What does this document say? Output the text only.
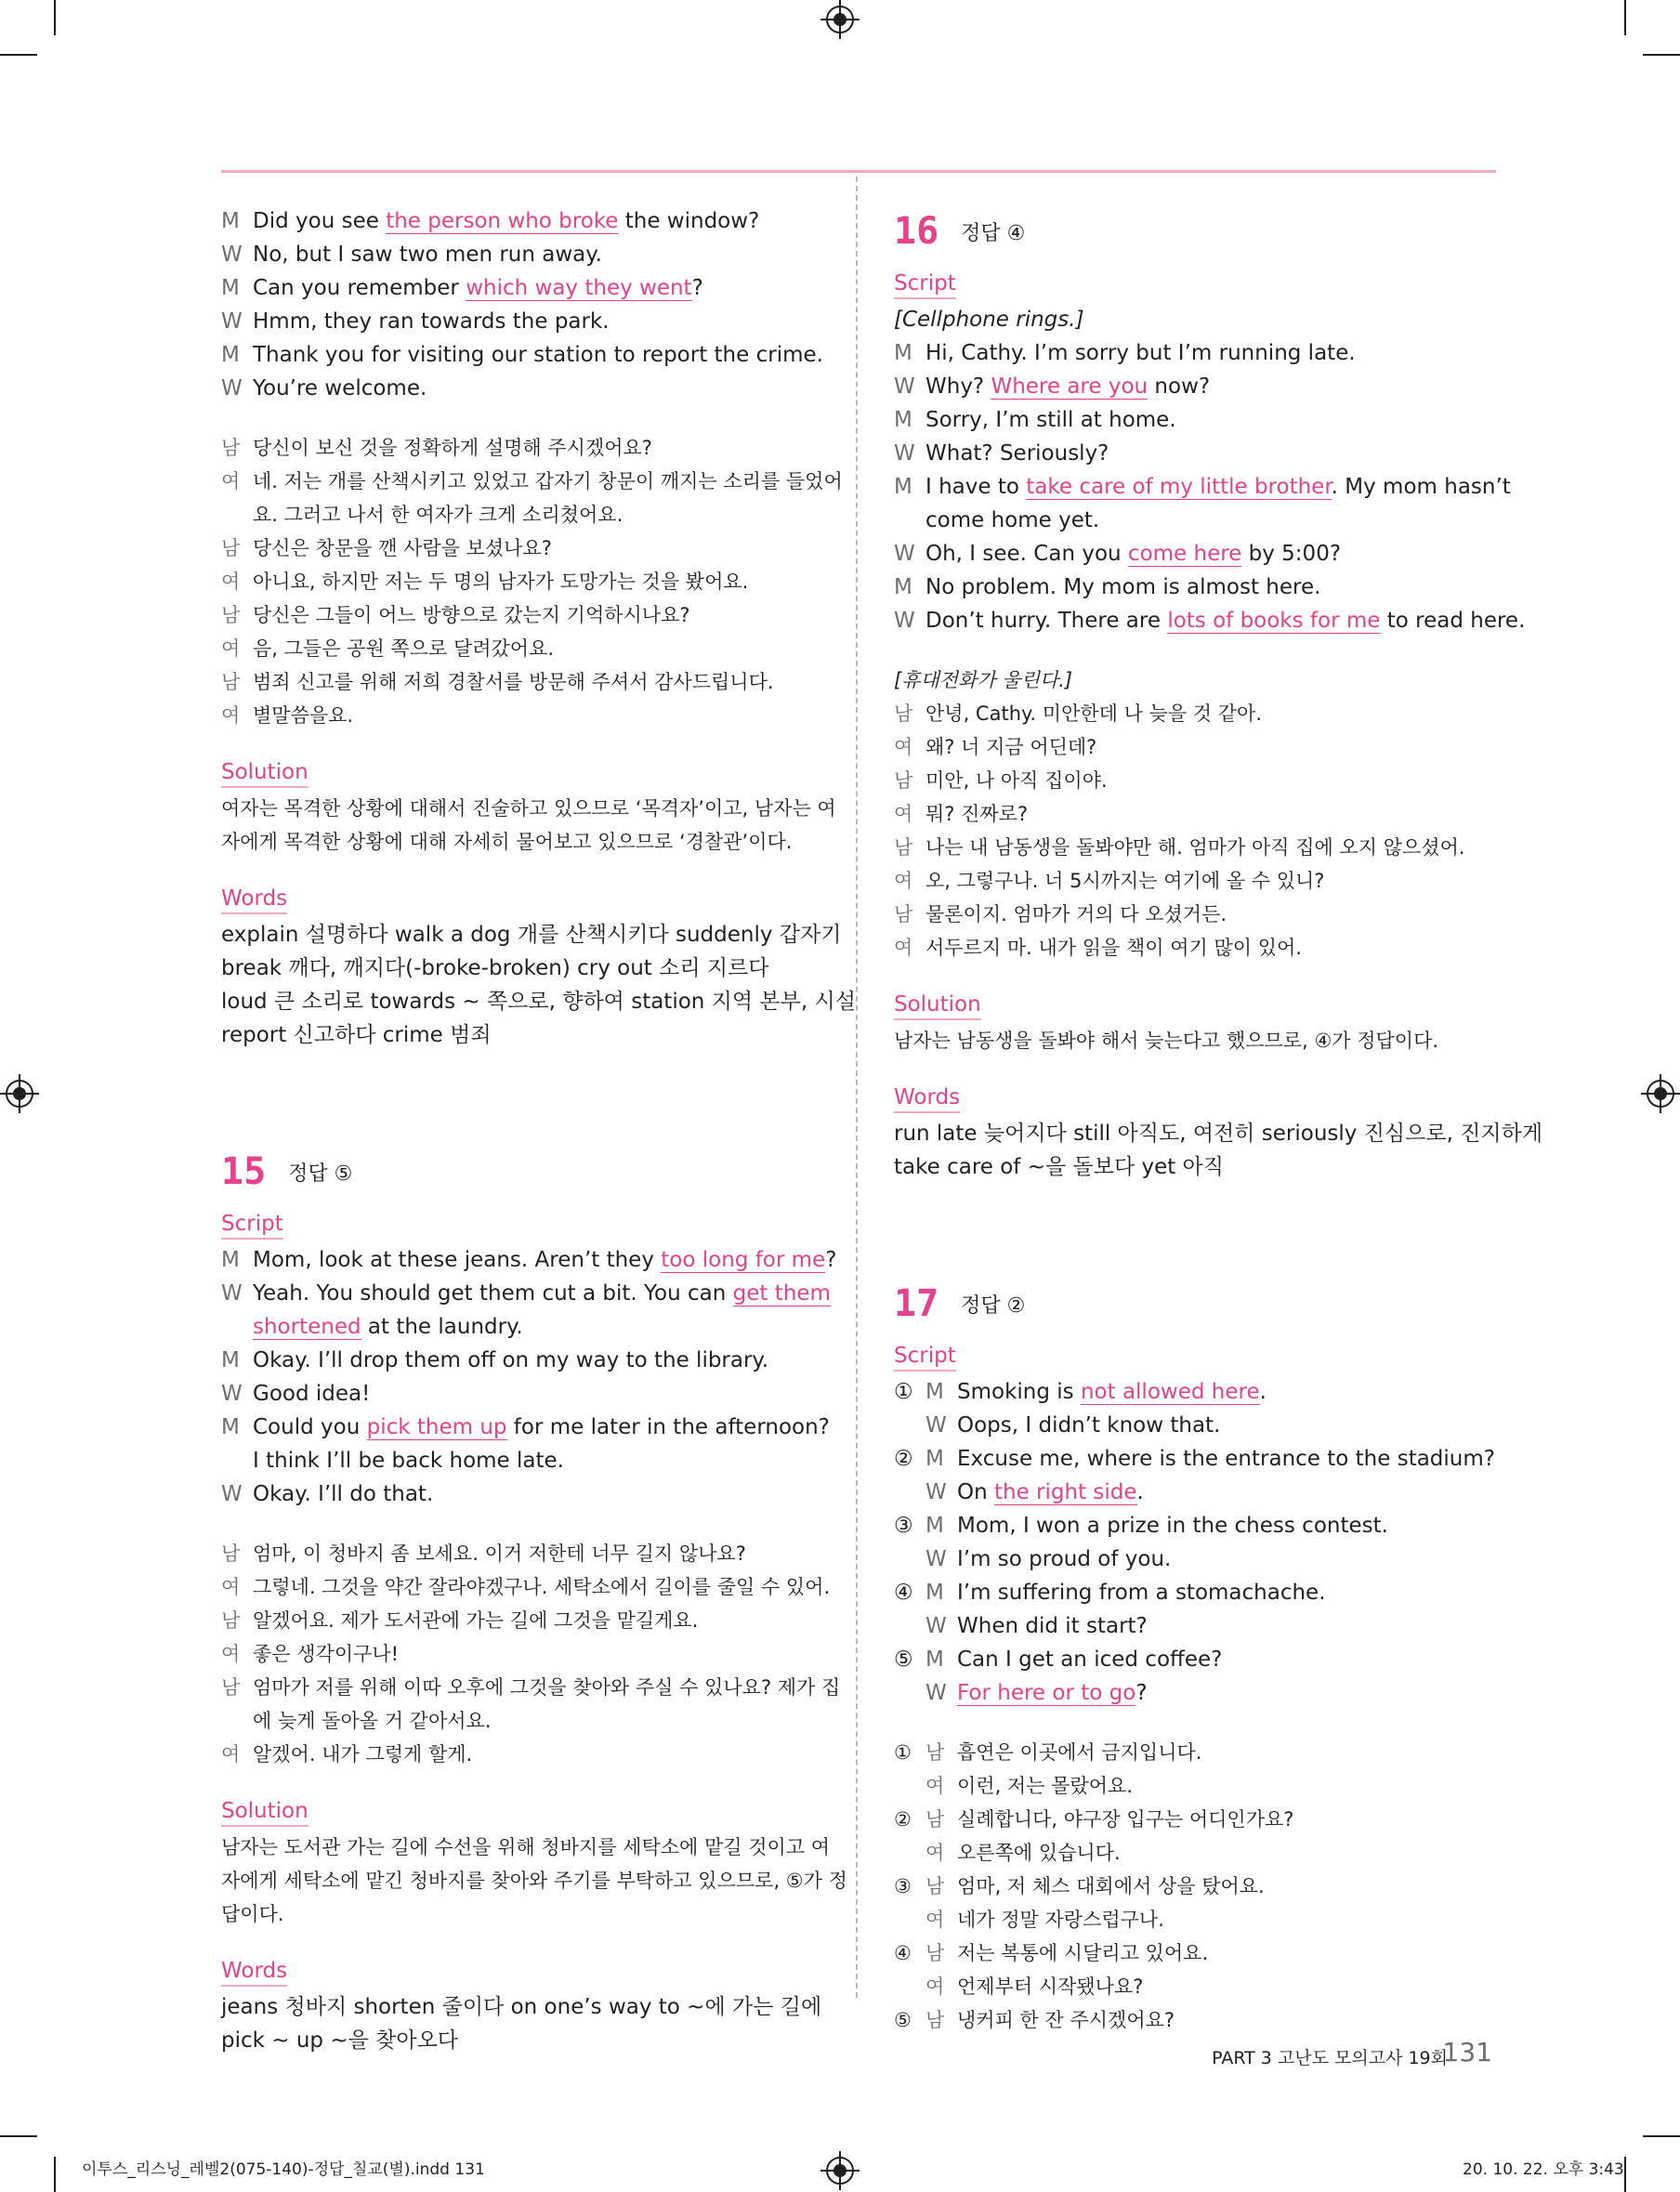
M Did you see the person who broke the window?
W No, but I saw two men run away.
M Can you remember which way they went?
W Hmm, they ran towards the park.
M Thank you for visiting our station to report the crime.
W You’re welcome.
남 당신이 보신 것을 정확하게 설명해 주시겠어요?
여 네. 저는 개를 산책시키고 있었고 갑자기 창문이 깨지는 소리를 들었어
요. 그러고 나서 한 여자가 크게 소리쳤어요.
남 당신은 창문을 깬 사람을 보셨나요?
여 아니요, 하지만 저는 두 명의 남자가 도망가는 것을 봤어요.
남 당신은 그들이 어느 방향으로 갔는지 기억하시나요?
여 음, 그들은 공원 쪽으로 달려갔어요.
남 범죄 신고를 위해 저희 경찰서를 방문해 주셔서 감사드립니다.
여 별말씀을요.
Solution
여자는 목격한 상황에 대해서 진술하고 있으므로 ‘목격자’이고, 남자는 여
자에게 목격한 상황에 대해 자세히 물어보고 있으므로 ‘경찰관’이다.
Words
explain 설명하다 walk a dog 개를 산책시키다 suddenly 갑자기
break 깨다, 깨지다(-broke-broken) cry out 소리 지르다
loud 큰 소리로 towards ~ 쪽으로, 향하여 station 지역 본부, 시설
report 신고하다 crime 범죄
15 정답 ⑤
Script
M Mom, look at these jeans. Aren’t they too long for me?
W Yeah. You should get them cut a bit. You can get them
shortened at the laundry.
M Okay. I’ll drop them off on my way to the library.
W Good idea!
M Could you pick them up for me later in the afternoon?
I think I’ll be back home late.
W Okay. I’ll do that.
남 엄마, 이 청바지 좀 보세요. 이거 저한테 너무 길지 않나요?
여 그렇네. 그것을 약간 잘라야겠구나. 세탁소에서 길이를 줄일 수 있어.
남 알겠어요. 제가 도서관에 가는 길에 그것을 맡길게요.
여 좋은 생각이구나!
남 엄마가 저를 위해 이따 오후에 그것을 찾아와 주실 수 있나요? 제가 집
에 늦게 돌아올 거 같아서요.
여 알겠어. 내가 그렇게 할게.
Solution
남자는 도서관 가는 길에 수선을 위해 청바지를 세탁소에 맡길 것이고 여
자에게 세탁소에 맡긴 청바지를 찾아와 주기를 부탁하고 있으므로, ⑤가 정
답이다.
Words
jeans 청바지 shorten 줄이다 on one’s way to ~에 가는 길에
pick ~ up ~을 찾아오다
16 정답 ④
Script
[Cellphone rings.]
M Hi, Cathy. I’m sorry but I’m running late.
W Why? Where are you now?
M Sorry, I’m still at home.
W What? Seriously?
M I have to take care of my little brother. My mom hasn’t
come home yet.
W Oh, I see. Can you come here by 5:00?
M No problem. My mom is almost here.
W Don’t hurry. There are lots of books for me to read here.
[휴대전화가 울린다.]
남 안녕, Cathy. 미안한데 나 늦을 것 같아.
여 왜? 너 지금 어딘데?
남 미안, 나 아직 집이야.
여 뭐? 진짜로?
남 나는 내 남동생을 돌봐야만 해. 엄마가 아직 집에 오지 않으셨어.
여 오, 그렇구나. 너 5시까지는 여기에 올 수 있니?
남 물론이지. 엄마가 거의 다 오셨거든.
여 서두르지 마. 내가 읽을 책이 여기 많이 있어.
Solution
남자는 남동생을 돌봐야 해서 늦는다고 했으므로, ④가 정답이다.
Words
run late 늦어지다 still 아직도, 여전히 seriously 진심으로, 진지하게
take care of ~을 돌보다 yet 아직
17 정답 ②
Script
① M Smoking is not allowed here.
W Oops, I didn’t know that.
② M Excuse me, where is the entrance to the stadium?
W On the right side.
③ M Mom, I won a prize in the chess contest.
W I’m so proud of you.
④ M I’m suffering from a stomachache.
W When did it start?
⑤ M Can I get an iced coffee?
W For here or to go?
① 남 흡연은 이곳에서 금지입니다.
여 이런, 저는 몰랐어요.
② 남 실례합니다, 야구장 입구는 어디인가요?
여 오른쪽에 있습니다.
③ 남 엄마, 저 체스 대회에서 상을 탔어요.
여 네가 정말 자랑스럽구나.
④ 남 저는 복통에 시달리고 있어요.
여 언제부터 시작됐나요?
⑤ 남 냉커피 한 잔 주시겠어요?
PART 3 고난도 모의고사 19회
131
이투스_리스닝_레벨2(075-140)-정답_칠교(별).indd 131	20. 10. 22. 오후 3:43
